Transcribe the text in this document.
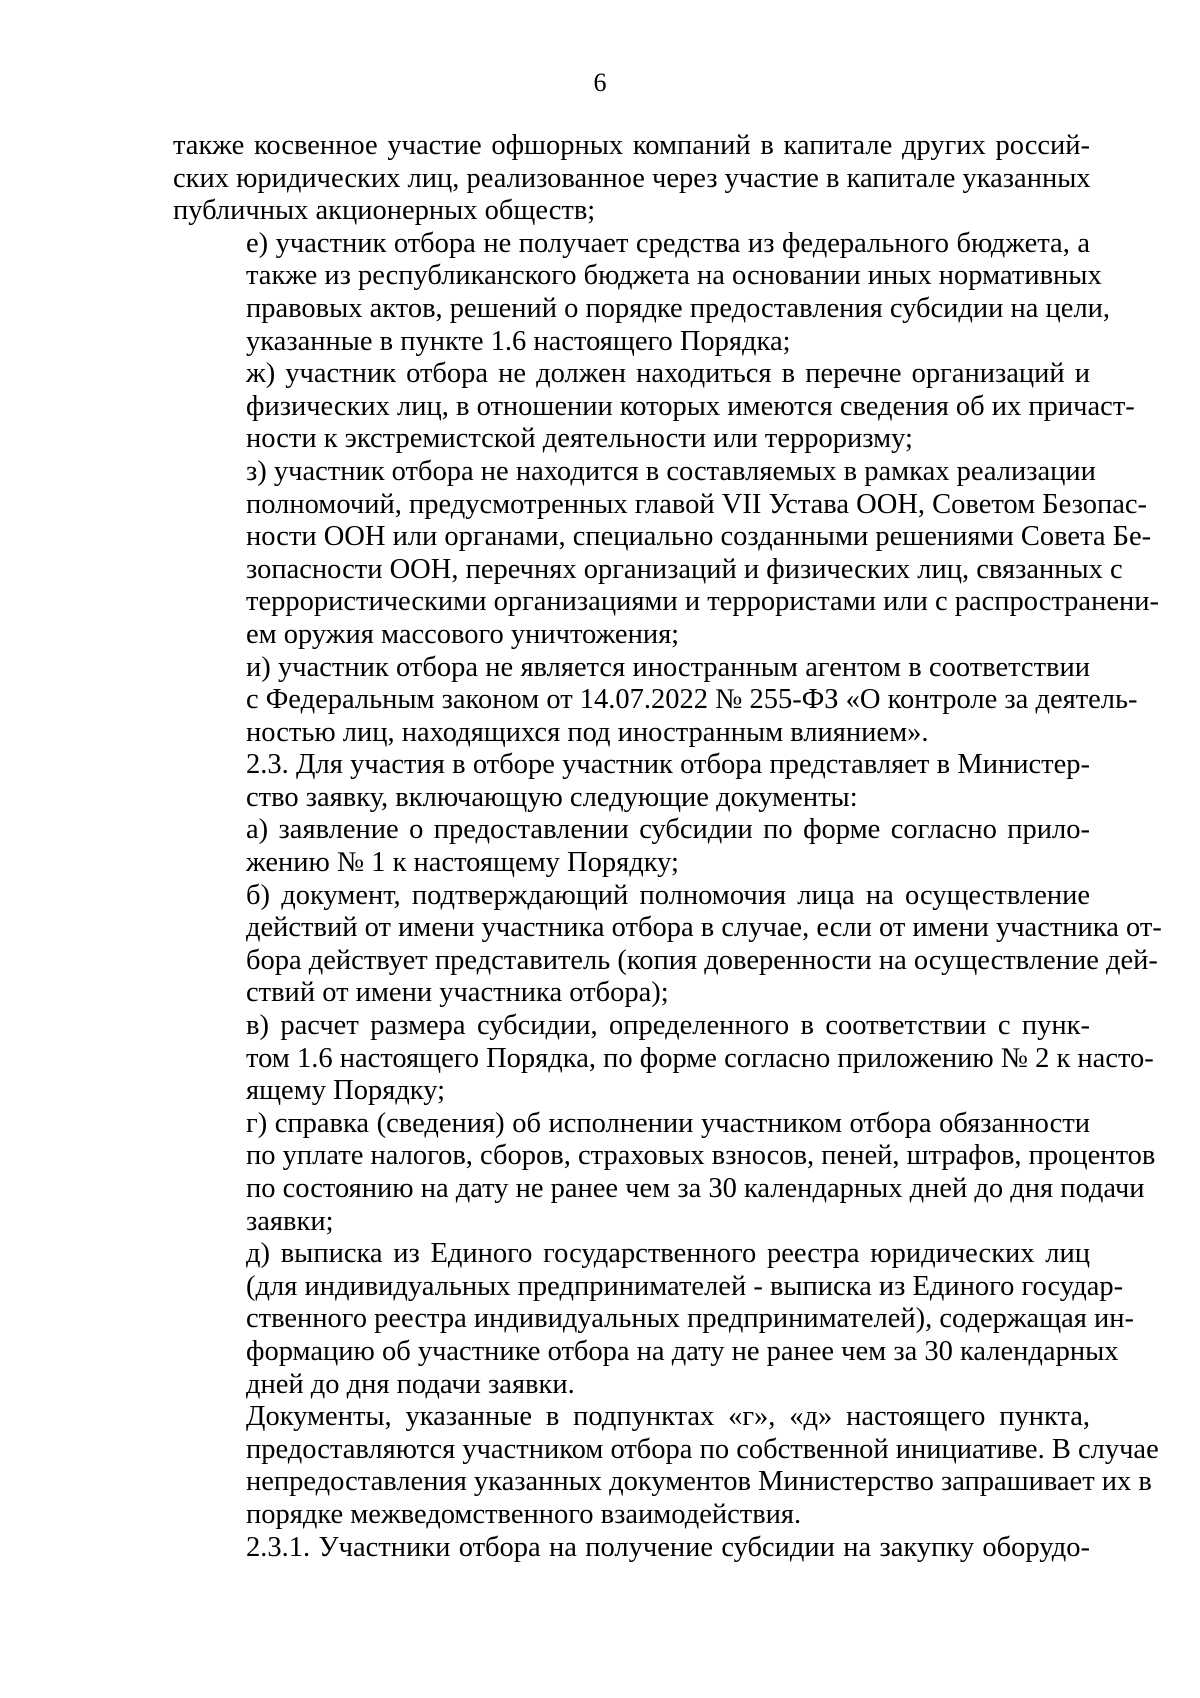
6

также косвенное участие офшорных компаний в капитале других россий-
ских юридических лиц, реализованное через участие в капитале указанных
публичных акционерных обществ;

е) участник отбора не получает средства из федерального бюджета, а
также из республиканского бюджета на основании иных нормативных
правовых актов, решений о порядке предоставления субсидии на цели,
указанные в пункте 1.6 настоящего Порядка;

ж) участник отбора не должен находиться в перечне организаций и
физических лиц, в отношении которых имеются сведения об их причаст-
ности к экстремистской деятельности или терроризму;

з) участник отбора не находится в составляемых в рамках реализации
полномочий, предусмотренных главой VII Устава ООН, Советом Безопас-
ности ООН или органами, специально созданными решениями Совета Бе-
зопасности ООН, перечнях организаций и физических лиц, связанных с
террористическими организациями и террористами или с распространени-
ем оружия массового уничтожения;

и) участник отбора не является иностранным агентом в соответствии
с Федеральным законом от 14.07.2022 № 255-ФЗ «О контроле за деятель-
ностью лиц, находящихся под иностранным влиянием».

2.3. Для участия в отборе участник отбора представляет в Министер-
ство заявку, включающую следующие документы:

а) заявление о предоставлении субсидии по форме согласно прило-
жению № 1 к настоящему Порядку;

б) документ, подтверждающий полномочия лица на осуществление
действий от имени участника отбора в случае, если от имени участника от-
бора действует представитель (копия доверенности на осуществление дей-
ствий от имени участника отбора);

в) расчет размера субсидии, определенного в соответствии с пунк-
том 1.6 настоящего Порядка, по форме согласно приложению № 2 к насто-
ящему Порядку;

г) справка (сведения) об исполнении участником отбора обязанности
по уплате налогов, сборов, страховых взносов, пеней, штрафов, процентов
по состоянию на дату не ранее чем за 30 календарных дней до дня подачи
заявки;

д) выписка из Единого государственного реестра юридических лиц
(для индивидуальных предпринимателей - выписка из Единого государ-
ственного реестра индивидуальных предпринимателей), содержащая ин-
формацию об участнике отбора на дату не ранее чем за 30 календарных
дней до дня подачи заявки.

Документы, указанные в подпунктах «г», «д» настоящего пункта,
предоставляются участником отбора по собственной инициативе. В случае
непредоставления указанных документов Министерство запрашивает их в
порядке межведомственного взаимодействия.

2.3.1. Участники отбора на получение субсидии на закупку оборудо-
